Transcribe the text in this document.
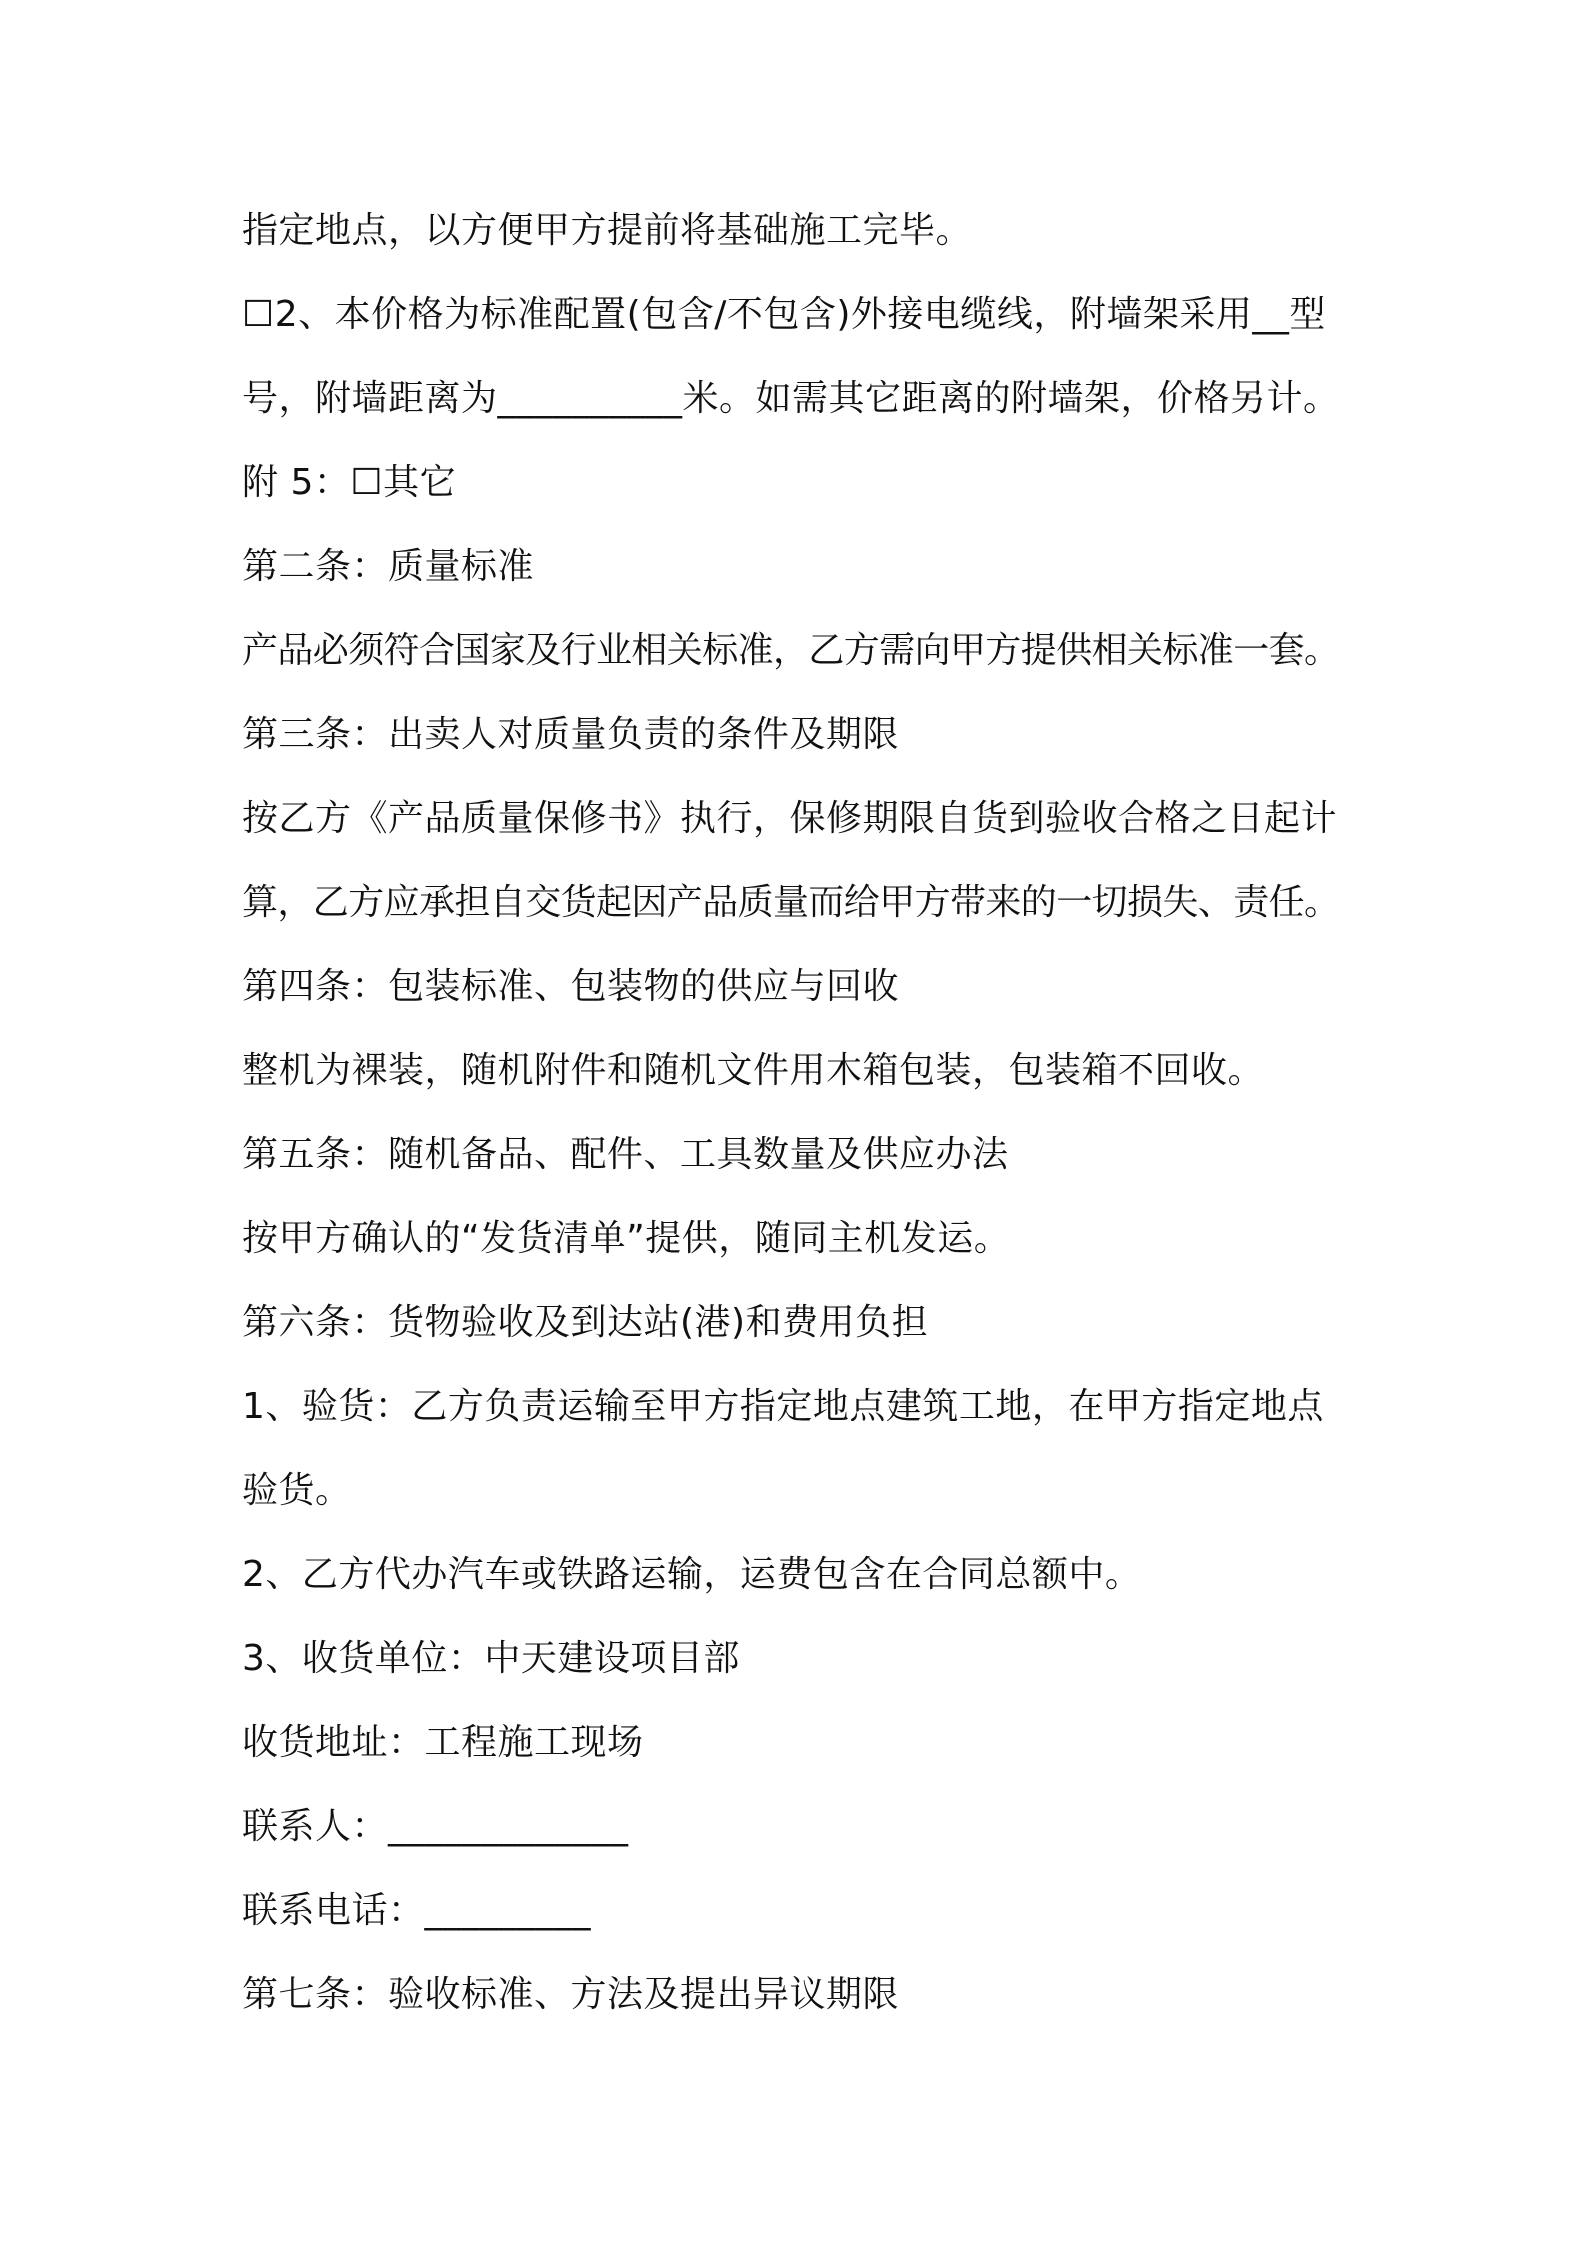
指定地点，以方便甲方提前将基础施工完毕。
☐2、本价格为标准配置(包含/不包含)外接电缆线，附墙架采用__型
号，附墙距离为__________米。如需其它距离的附墙架，价格另计。
附 5：☐其它
第二条：质量标准
产品必须符合国家及行业相关标准，乙方需向甲方提供相关标准一套。
第三条：出卖人对质量负责的条件及期限
按乙方《产品质量保修书》执行，保修期限自货到验收合格之日起计
算，乙方应承担自交货起因产品质量而给甲方带来的一切损失、责任。
第四条：包装标准、包装物的供应与回收
整机为裸装，随机附件和随机文件用木箱包装，包装箱不回收。
第五条：随机备品、配件、工具数量及供应办法
按甲方确认的“发货清单”提供，随同主机发运。
第六条：货物验收及到达站(港)和费用负担
1、验货：乙方负责运输至甲方指定地点建筑工地，在甲方指定地点
验货。
2、乙方代办汽车或铁路运输，运费包含在合同总额中。
3、收货单位：中天建设项目部
收货地址：工程施工现场
联系人：_____________
联系电话：_________
第七条：验收标准、方法及提出异议期限
